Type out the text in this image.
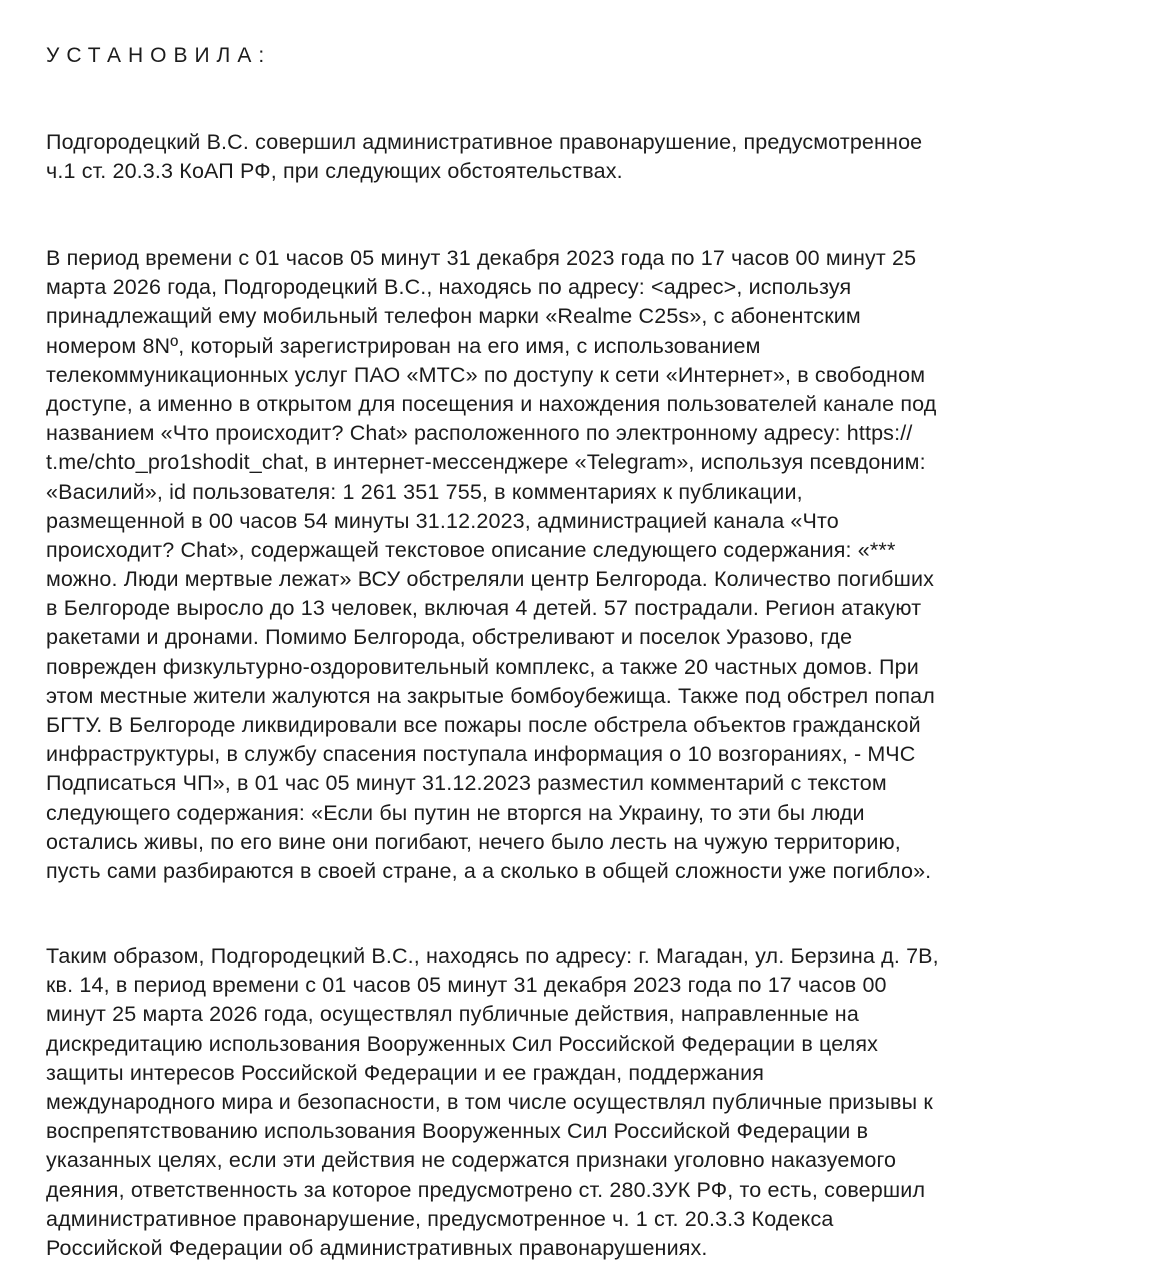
УСТАНОВИЛА:
Подгородецкий В.С. совершил административное правонарушение, предусмотренное
ч.1 ст. 20.3.3 КоАП РФ, при следующих обстоятельствах.
В период времени с 01 часов 05 минут 31 декабря 2023 года по 17 часов 00 минут 25
марта 2026 года, Подгородецкий В.С., находясь по адресу: <адрес>, используя
принадлежащий ему мобильный телефон марки «Realme C25s», с абонентским
номером 8Nº, который зарегистрирован на его имя, с использованием
телекоммуникационных услуг ПАО «МТС» по доступу к сети «Интернет», в свободном
доступе, а именно в открытом для посещения и нахождения пользователей канале под
названием «Что происходит? Chat» расположенного по электронному адресу: https://
t.me/chto_pro1shodit_chat, в интернет-мессенджере «Telegram», используя псевдоним:
«Василий», id пользователя: 1 261 351 755, в комментариях к публикации,
размещенной в 00 часов 54 минуты 31.12.2023, администрацией канала «Что
происходит? Chat», содержащей текстовое описание следующего содержания: «***
можно. Люди мертвые лежат» ВСУ обстреляли центр Белгорода. Количество погибших
в Белгороде выросло до 13 человек, включая 4 детей. 57 пострадали. Регион атакуют
ракетами и дронами. Помимо Белгорода, обстреливают и поселок Уразово, где
поврежден физкультурно-оздоровительный комплекс, а также 20 частных домов. При
этом местные жители жалуются на закрытые бомбоубежища. Также под обстрел попал
БГТУ. В Белгороде ликвидировали все пожары после обстрела объектов гражданской
инфраструктуры, в службу спасения поступала информация о 10 возгораниях, - МЧС
Подписаться ЧП», в 01 час 05 минут 31.12.2023 разместил комментарий с текстом
следующего содержания: «Если бы путин не вторгся на Украину, то эти бы люди
остались живы, по его вине они погибают, нечего было лесть на чужую территорию,
пусть сами разбираются в своей стране, а а сколько в общей сложности уже погибло».
Таким образом, Подгородецкий В.С., находясь по адресу: г. Магадан, ул. Берзина д. 7В,
кв. 14, в период времени с 01 часов 05 минут 31 декабря 2023 года по 17 часов 00
минут 25 марта 2026 года, осуществлял публичные действия, направленные на
дискредитацию использования Вооруженных Сил Российской Федерации в целях
защиты интересов Российской Федерации и ее граждан, поддержания
международного мира и безопасности, в том числе осуществлял публичные призывы к
воспрепятствованию использования Вооруженных Сил Российской Федерации в
указанных целях, если эти действия не содержатся признаки уголовно наказуемого
деяния, ответственность за которое предусмотрено ст. 280.3УК РФ, то есть, совершил
административное правонарушение, предусмотренное ч. 1 ст. 20.3.3 Кодекса
Российской Федерации об административных правонарушениях.
